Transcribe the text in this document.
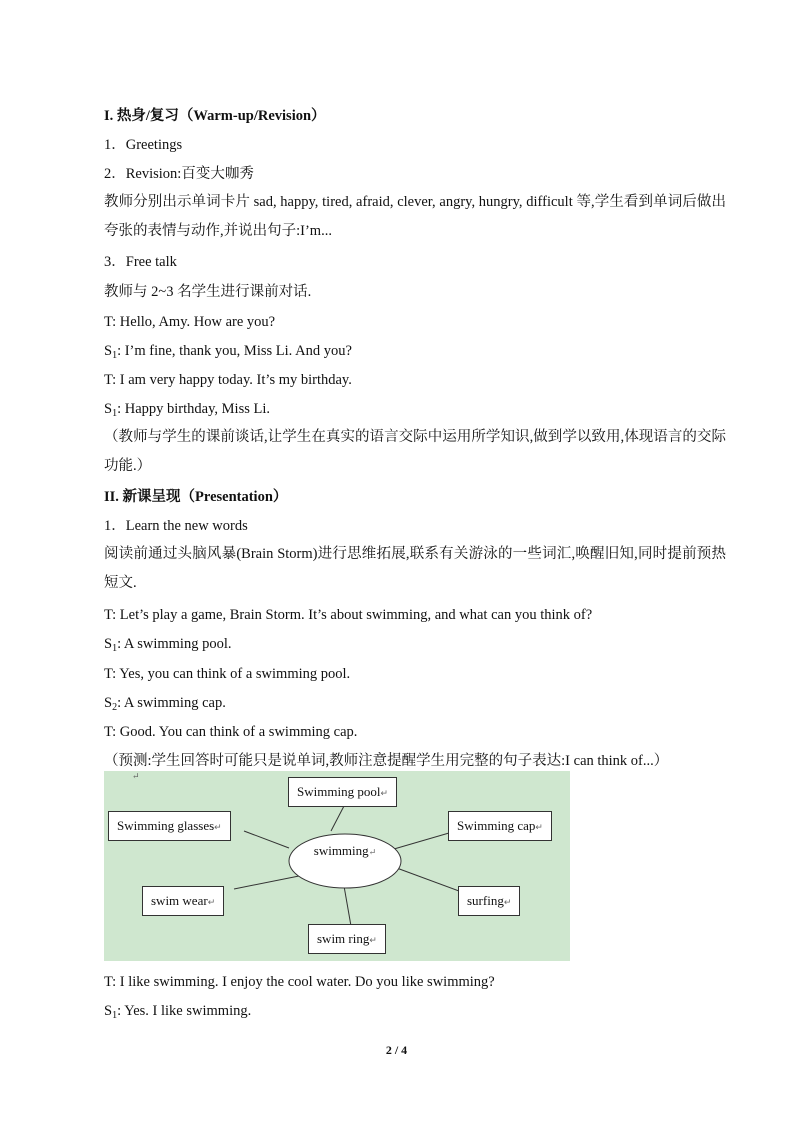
I. 热身/复习（Warm-up/Revision）
1．Greetings
2．Revision:百变大咖秀
教师分别出示单词卡片 sad, happy, tired, afraid, clever, angry, hungry, difficult 等,学生看到单词后做出夸张的表情与动作,并说出句子:I’m...
3．Free talk
教师与 2~3 名学生进行课前对话.
T: Hello, Amy. How are you?
$S_1$: I’m fine, thank you, Miss Li. And you?
T: I am very happy today. It’s my birthday.
$S_1$: Happy birthday, Miss Li.
（教师与学生的课前谈话,让学生在真实的语言交际中运用所学知识,做到学以致用,体现语言的交际功能.）
II. 新课呈现（Presentation）
1．Learn the new words
阅读前通过头脑风暴(Brain Storm)进行思维拓展,联系有关游泳的一些词汇,唤醒旧知,同时提前预热短文.
T: Let’s play a game, Brain Storm. It’s about swimming, and what can you think of?
$S_1$: A swimming pool.
T: Yes, you can think of a swimming pool.
$S_2$: A swimming cap.
T: Good. You can think of a swimming cap.
（预测:学生回答时可能只是说单词,教师注意提醒学生用完整的句子表达:I can think of...）
↵
swimming↵
Swimming pool↵
Swimming glasses↵	Swimming cap↵
swim wear↵	surfing↵
swim ring↵
T: I like swimming. I enjoy the cool water. Do you like swimming?
$S_1$: Yes. I like swimming.
2 / 4
